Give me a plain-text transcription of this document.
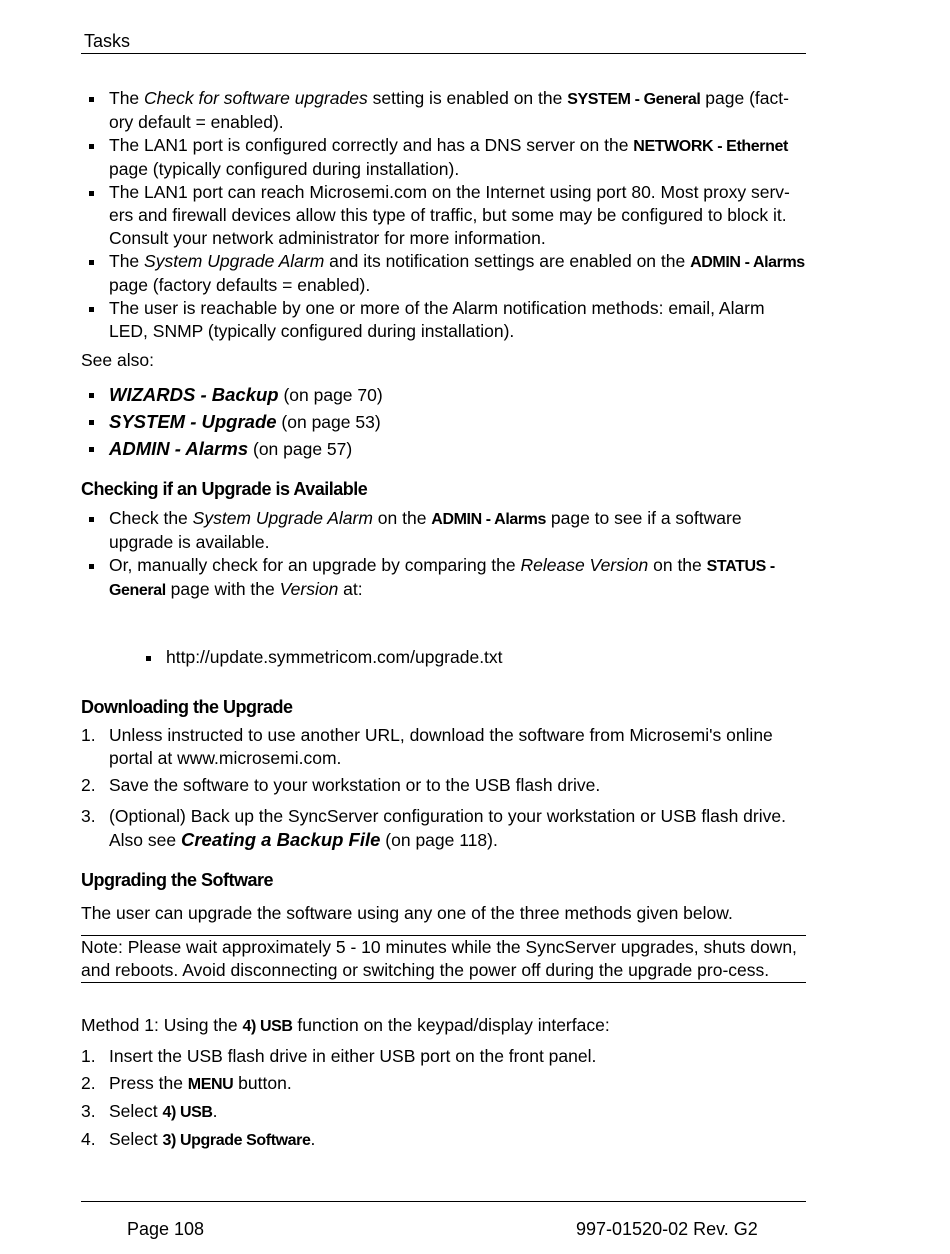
Tasks
The Check for software upgrades setting is enabled on the SYSTEM - General page (fact-ory default = enabled).
The LAN1 port is configured correctly and has a DNS server on the NETWORK - Ethernet page (typically configured during installation).
The LAN1 port can reach Microsemi.com on the Internet using port 80. Most proxy serv-ers and firewall devices allow this type of traffic, but some may be configured to block it. Consult your network administrator for more information.
The System Upgrade Alarm and its notification settings are enabled on the ADMIN - Alarms page (factory defaults = enabled).
The user is reachable by one or more of the Alarm notification methods: email, Alarm LED, SNMP (typically configured during installation).

See also:

WIZARDS - Backup (on page 70)
SYSTEM - Upgrade (on page 53)
ADMIN - Alarms (on page 57)
Checking if an Upgrade is Available
Check the System Upgrade Alarm on the ADMIN - Alarms page to see if a software upgrade is available.
Or, manually check for an upgrade by comparing the Release Version on the STATUS - General page with the Version at:
http://update.symmetricom.com/upgrade.txt
Downloading the Upgrade
1. Unless instructed to use another URL, download the software from Microsemi's online portal at www.microsemi.com.
2. Save the software to your workstation or to the USB flash drive.
3. (Optional) Back up the SyncServer configuration to your workstation or USB flash drive. Also see Creating a Backup File (on page 118).
Upgrading the Software

The user can upgrade the software using any one of the three methods given below.

Note: Please wait approximately 5 - 10 minutes while the SyncServer upgrades, shuts down, and reboots. Avoid disconnecting or switching the power off during the upgrade pro-cess.

Method 1: Using the 4) USB function on the keypad/display interface:

1. Insert the USB flash drive in either USB port on the front panel.
2. Press the MENU button.
3. Select 4) USB.
4. Select 3) Upgrade Software.
Page 108	997-01520-02 Rev. G2
